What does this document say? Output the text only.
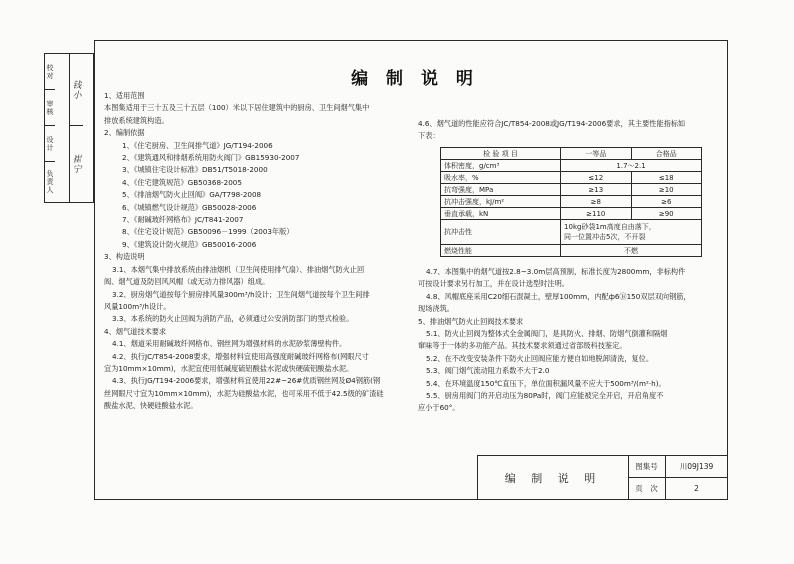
校对
审核
设计
负责人
钱小
崔宁
编 制 说 明

1、适用范围

本图集适用于三十五及三十五层（100）米以下居住建筑中的厨房、卫生间烟气集中

排放系统建筑构造。

2、编制依据

1、《住宅厨房、卫生间排气道》JG/T194-2006

2、《建筑通风和排烟系统用防火阀门》GB15930-2007

3、《城镇住宅设计标准》DB51/T5018-2000

4、《住宅建筑规范》GB50368-2005

5、《排油烟气防火止回阀》GA/T798-2008

6、《城镇燃气设计规范》GB50028-2006

7、《耐碱玻纤网格布》JC/T841-2007

8、《住宅设计规范》GB50096－1999（2003年版）

9、《建筑设计防火规范》GB50016-2006

3、构造说明

3.1、本烟气集中排放系统由排油烟机（卫生间使用排气扇）、排油烟气防火止回

阀、烟气道及防回风风帽（或无动力排风器）组成。

3.2、厨房烟气道按每个厨房排风量300m³/h设计；卫生间烟气道按每个卫生间排

风量100m³/h设计。

3.3、本系统的防火止回阀为消防产品，必须通过公安消防部门的型式检验。

4、烟气道技术要求

4.1、烟道采用耐碱玻纤网格布、钢丝网为增强材料的水泥砂浆薄壁构件。

4.2、执行JC/T854-2008要求，增强材料宜使用高强度耐碱玻纤网格布(网眼尺寸

宜为10mm×10mm)，水泥宜使用低碱度硫铝酸盐水泥或快硬硫铝酸盐水泥。

4.3、执行JG/T194-2006要求，增强材料宜使用22#~26#优质钢丝网及Ø4钢筋(钢

丝网眼尺寸宜为10mm×10mm)，水泥为硅酸盐水泥，也可采用不低于42.5级的矿渣硅

酸盐水泥、快硬硅酸盐水泥。

4.6、烟气道的性能应符合JC/T854-2008或JG/T194-2006要求，其主要性能指标如

下表：

检 验 项 目	一等品	合格品
体积密度，g/cm³	1.7～2.1	
吸水率，%	≤12	≤18
抗弯强度，MPa	≥13	≥10
抗冲击强度，kJ/m²	≥8	≥6
垂直承载，kN	≥110	≥90
抗冲击性	10kg砂袋1m高度自由落下，
同一位置冲击5次，不开裂	

燃烧性能	不燃	

4.7、本图集中的烟气道按2.8~3.0m层高预制，标准长度为2800mm，非标构件

可按设计要求另行加工，并在设计选型时注明。

4.8、风帽底座采用C20细石混凝土，壁厚100mm，内配ф6Ⓑ150双层双向钢筋，

现场浇筑。

5、排油烟气防火止回阀技术要求

5.1、防火止回阀为整体式全金属阀门，是具防火、排烟、防烟气倒灌和隔烟

窜味等于一体的多功能产品。其技术要求须通过省部级科技鉴定。

5.2、在不改变安装条件下防火止回阀应能方便自如地脱卸清洗，复位。

5.3、阀门烟气流动阻力系数不大于2.0

5.4、在环境温度150℃直压下，单位面积漏风量不应大于500m³/(m²·h)。

5.5、厨房用阀门的开启动压为80Pa时，阀门应能被完全开启，开启角度不

应小于60°。

编 制 说 明
图集号	川09J139
页　次	2
